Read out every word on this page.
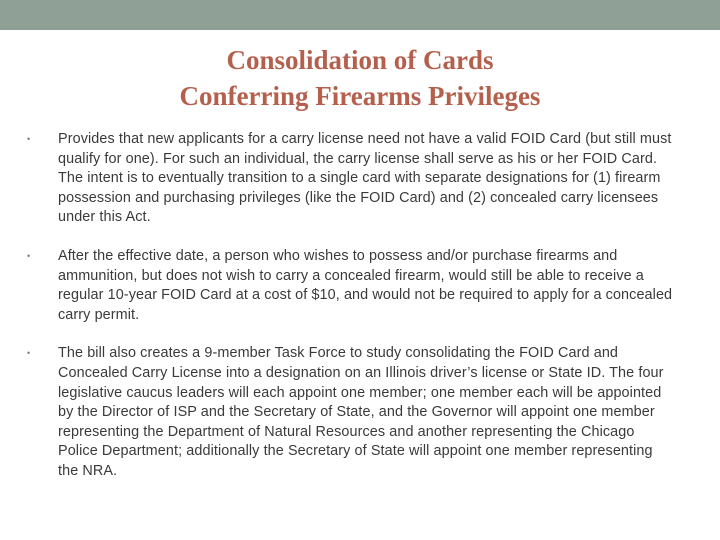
Consolidation of Cards
Conferring Firearms Privileges
•	Provides that new applicants for a carry license need not have a valid FOID Card (but still must qualify for one). For such an individual, the carry license shall serve as his or her FOID Card. The intent is to eventually transition to a single card with separate designations for (1) firearm possession and purchasing privileges (like the FOID Card) and (2) concealed carry licensees under this Act.
•	After the effective date, a person who wishes to possess and/or purchase firearms and ammunition, but does not wish to carry a concealed firearm, would still be able to receive a regular 10-year FOID Card at a cost of $10, and would not be required to apply for a concealed carry permit.
•	The bill also creates a 9-member Task Force to study consolidating the FOID Card and Concealed Carry License into a designation on an Illinois driver’s license or State ID. The four legislative caucus leaders will each appoint one member; one member each will be appointed by the Director of ISP and the Secretary of State, and the Governor will appoint one member representing the Department of Natural Resources and another representing the Chicago Police Department; additionally the Secretary of State will appoint one member representing the NRA.
